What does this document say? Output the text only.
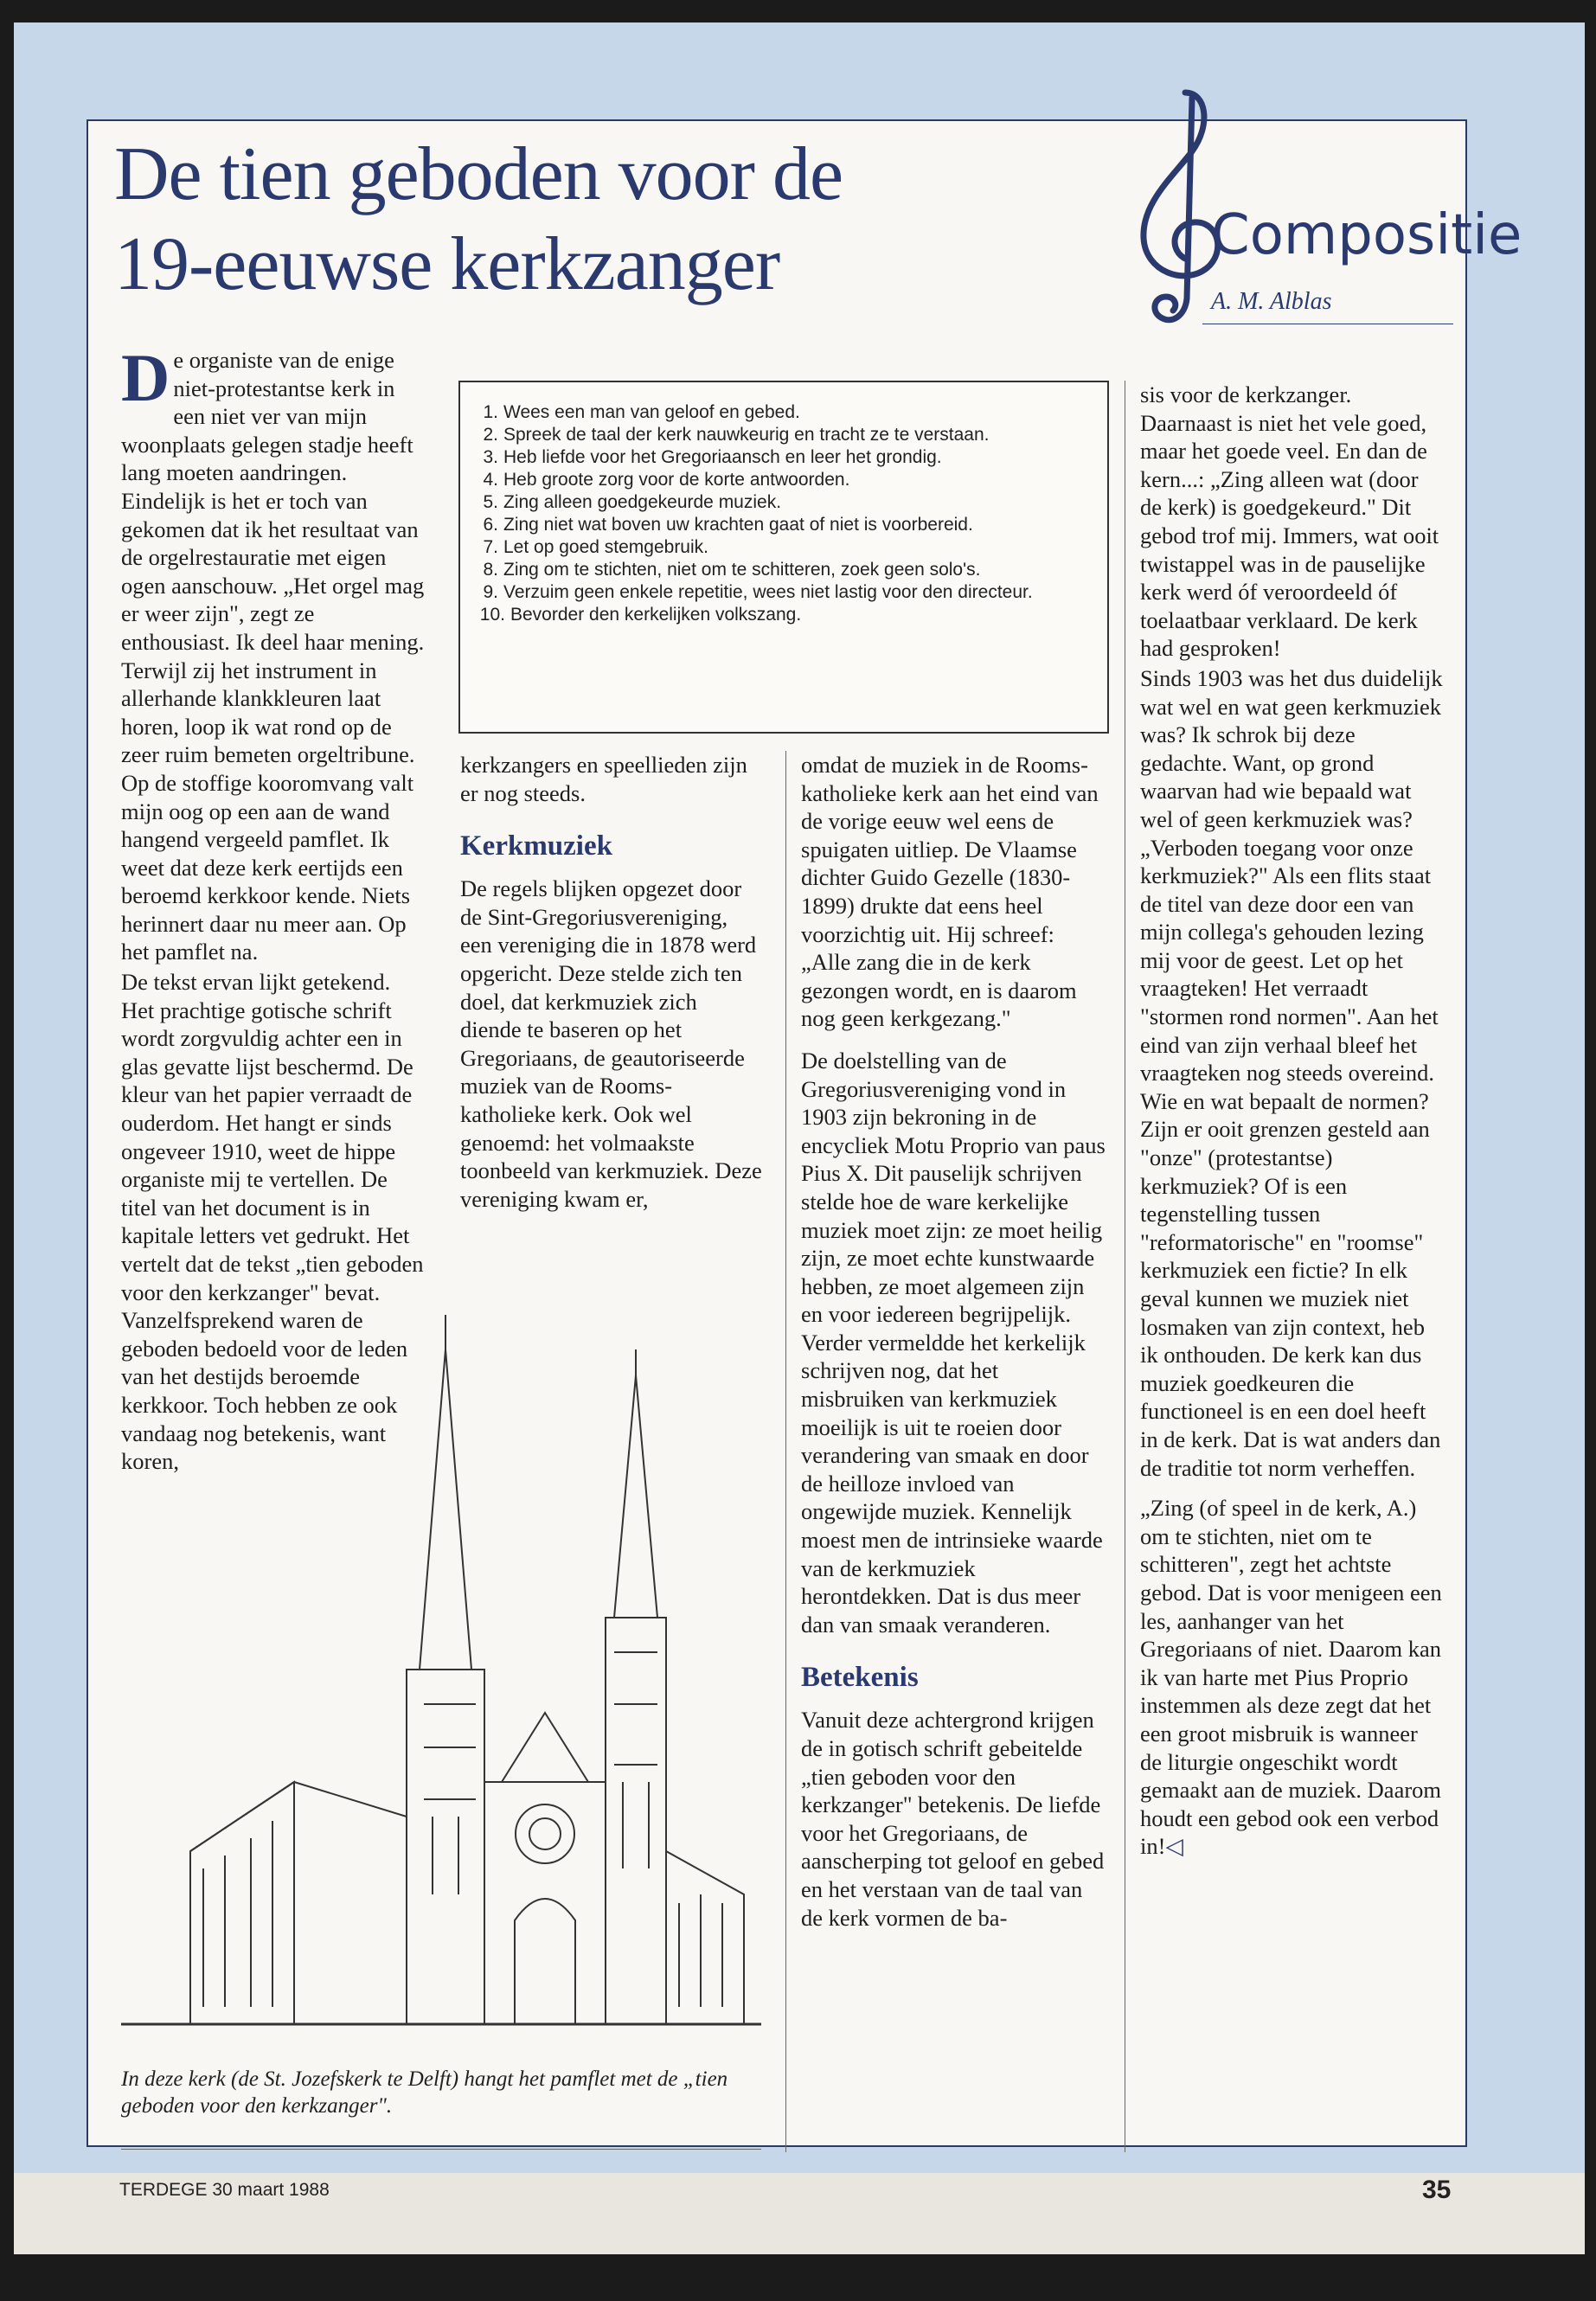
De tien geboden voor de
19-eeuwse kerkzanger	Compositie
A. M. Alblas

De organiste van de enige niet-protestantse kerk in een niet ver van mijn woonplaats gelegen stadje heeft lang moeten aandringen. Eindelijk is het er toch van gekomen dat ik het resultaat van de orgelrestauratie met eigen ogen aanschouw. „Het orgel mag er weer zijn", zegt ze enthousiast. Ik deel haar mening. Terwijl zij het instrument in allerhande klankkleuren laat horen, loop ik wat rond op de zeer ruim bemeten orgeltribune. Op de stoffige kooromvang valt mijn oog op een aan de wand hangend vergeeld pamflet. Ik weet dat deze kerk eertijds een beroemd kerkkoor kende. Niets herinnert daar nu meer aan. Op het pamflet na.

De tekst ervan lijkt getekend. Het prachtige gotische schrift wordt zorgvuldig achter een in glas gevatte lijst beschermd. De kleur van het papier verraadt de ouderdom. Het hangt er sinds ongeveer 1910, weet de hippe organiste mij te vertellen. De titel van het document is in kapitale letters vet gedrukt. Het vertelt dat de tekst „tien geboden voor den kerkzanger" bevat. Vanzelfsprekend waren de geboden bedoeld voor de leden van het destijds beroemde kerkkoor. Toch hebben ze ook vandaag nog betekenis, want koren,

1. Wees een man van geloof en gebed.
2. Spreek de taal der kerk nauwkeurig en tracht ze te verstaan.
3. Heb liefde voor het Gregoriaansch en leer het grondig.
4. Heb groote zorg voor de korte antwoorden.
5. Zing alleen goedgekeurde muziek.
6. Zing niet wat boven uw krachten gaat of niet is voorbereid.
7. Let op goed stemgebruik.
8. Zing om te stichten, niet om te schitteren, zoek geen solo's.
9. Verzuim geen enkele repetitie, wees niet lastig voor den directeur.
10. Bevorder den kerkelijken volkszang.

kerkzangers en speellieden zijn er nog steeds.

Kerkmuziek

De regels blijken opgezet door de Sint-Gregoriusvereniging, een vereniging die in 1878 werd opgericht. Deze stelde zich ten doel, dat kerkmuziek zich diende te baseren op het Gregoriaans, de geautoriseerde muziek van de Rooms-katholieke kerk. Ook wel genoemd: het volmaakste toonbeeld van kerkmuziek. Deze vereniging kwam er,

omdat de muziek in de Rooms-katholieke kerk aan het eind van de vorige eeuw wel eens de spuigaten uitliep. De Vlaamse dichter Guido Gezelle (1830-1899) drukte dat eens heel voorzichtig uit. Hij schreef: „Alle zang die in de kerk gezongen wordt, en is daarom nog geen kerkgezang."

De doelstelling van de Gregoriusvereniging vond in 1903 zijn bekroning in de encycliek Motu Proprio van paus Pius X. Dit pauselijk schrijven stelde hoe de ware kerkelijke muziek moet zijn: ze moet heilig zijn, ze moet echte kunstwaarde hebben, ze moet algemeen zijn en voor iedereen begrijpelijk. Verder vermeldde het kerkelijk schrijven nog, dat het misbruiken van kerkmuziek moeilijk is uit te roeien door verandering van smaak en door de heilloze invloed van ongewijde muziek. Kennelijk moest men de intrinsieke waarde van de kerkmuziek herontdekken. Dat is dus meer dan van smaak veranderen.

Betekenis

Vanuit deze achtergrond krijgen de in gotisch schrift gebeitelde „tien geboden voor den kerkzanger" betekenis. De liefde voor het Gregoriaans, de aanscherping tot geloof en gebed en het verstaan van de taal van de kerk vormen de ba-

sis voor de kerkzanger. Daarnaast is niet het vele goed, maar het goede veel. En dan de kern...: „Zing alleen wat (door de kerk) is goedgekeurd." Dit gebod trof mij. Immers, wat ooit twistappel was in de pauselijke kerk werd óf veroordeeld óf toelaatbaar verklaard. De kerk had gesproken!

Sinds 1903 was het dus duidelijk wat wel en wat geen kerkmuziek was? Ik schrok bij deze gedachte. Want, op grond waarvan had wie bepaald wat wel of geen kerkmuziek was? „Verboden toegang voor onze kerkmuziek?" Als een flits staat de titel van deze door een van mijn collega's gehouden lezing mij voor de geest. Let op het vraagteken! Het verraadt "stormen rond normen". Aan het eind van zijn verhaal bleef het vraagteken nog steeds overeind. Wie en wat bepaalt de normen? Zijn er ooit grenzen gesteld aan "onze" (protestantse) kerkmuziek? Of is een tegenstelling tussen "reformatorische" en "roomse" kerkmuziek een fictie? In elk geval kunnen we muziek niet losmaken van zijn context, heb ik onthouden. De kerk kan dus muziek goedkeuren die functioneel is en een doel heeft in de kerk. Dat is wat anders dan de traditie tot norm verheffen.

„Zing (of speel in de kerk, A.) om te stichten, niet om te schitteren", zegt het achtste gebod. Dat is voor menigeen een les, aanhanger van het Gregoriaans of niet. Daarom kan ik van harte met Pius Proprio instemmen als deze zegt dat het een groot misbruik is wanneer de liturgie ongeschikt wordt gemaakt aan de muziek. Daarom houdt een gebod ook een verbod in!◁

In deze kerk (de St. Jozefskerk te Delft) hangt het pamflet met de „tien geboden voor den kerkzanger".
TERDEGE 30 maart 1988	35
